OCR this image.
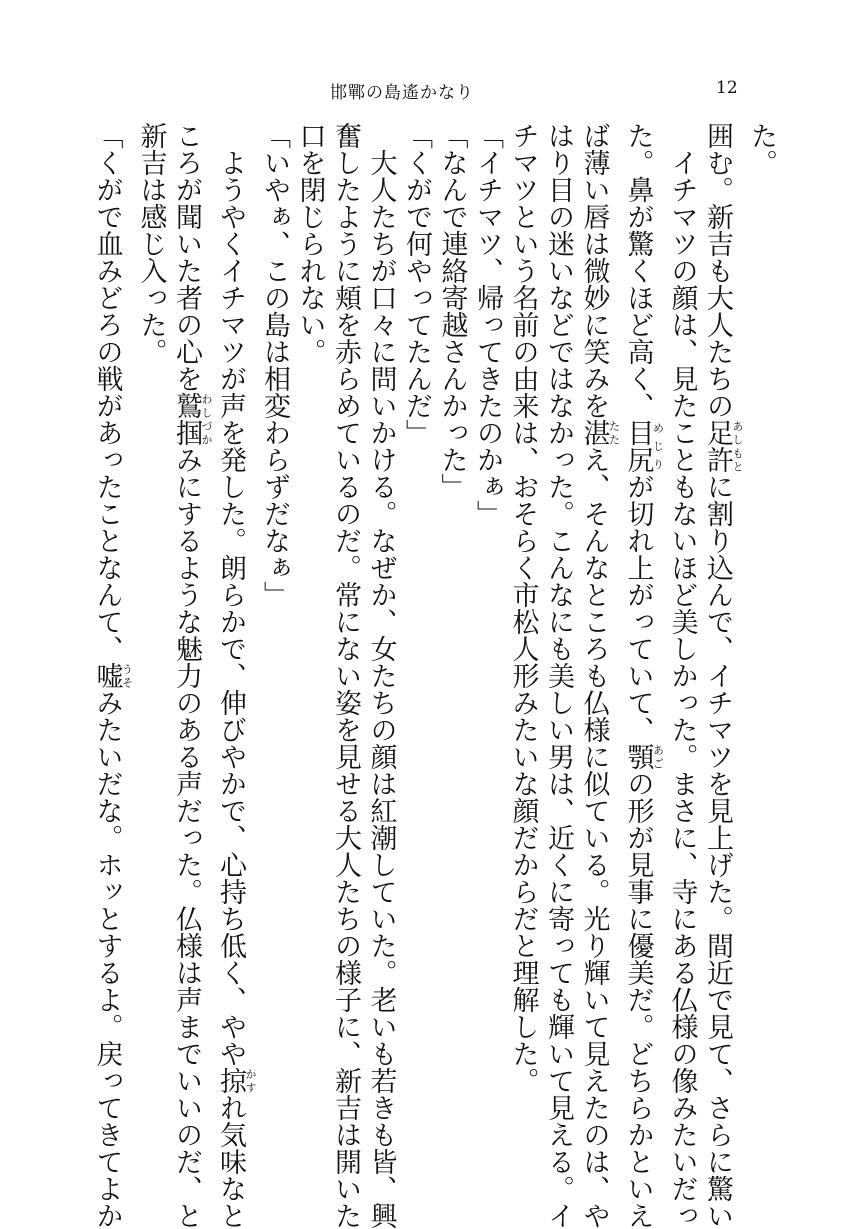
邯鄲の島遙かなり	12
た。
囲む。新吉も大人たちの足許あしもとに割り込んで、イチマツを見上げた。間近で見て、さらに驚い
　イチマツの顔は、見たこともないほど美しかった。まさに、寺にある仏様の像みたいだっ
た。鼻が驚くほど高く、目尻めじりが切れ上がっていて、顎あごの形が見事に優美だ。どちらかといえ
ば薄い唇は微妙に笑みを湛たたえ、そんなところも仏様に似ている。光り輝いて見えたのは、や
はり目の迷いなどではなかった。こんなにも美しい男は、近くに寄っても輝いて見える。イ
チマツという名前の由来は、おそらく市松人形みたいな顔だからだと理解した。
「イチマツ、帰ってきたのかぁ」
「なんで連絡寄越さんかった」
「くがで何やってたんだ」
　大人たちが口々に問いかける。なぜか、女たちの顔は紅潮していた。老いも若きも皆、興
奮したように頬を赤らめているのだ。常にない姿を見せる大人たちの様子に、新吉は開いた
口を閉じられない。
「いやぁ、この島は相変わらずだなぁ」
　ようやくイチマツが声を発した。朗らかで、伸びやかで、心持ち低く、やや掠かすれ気味なと
ころが聞いた者の心を鷲掴わしづかみにするような魅力のある声だった。仏様は声までいいのだ、と
新吉は感じ入った。
「くがで血みどろの戦があったことなんて、嘘うそみたいだな。ホッとするよ。戻ってきてよか
